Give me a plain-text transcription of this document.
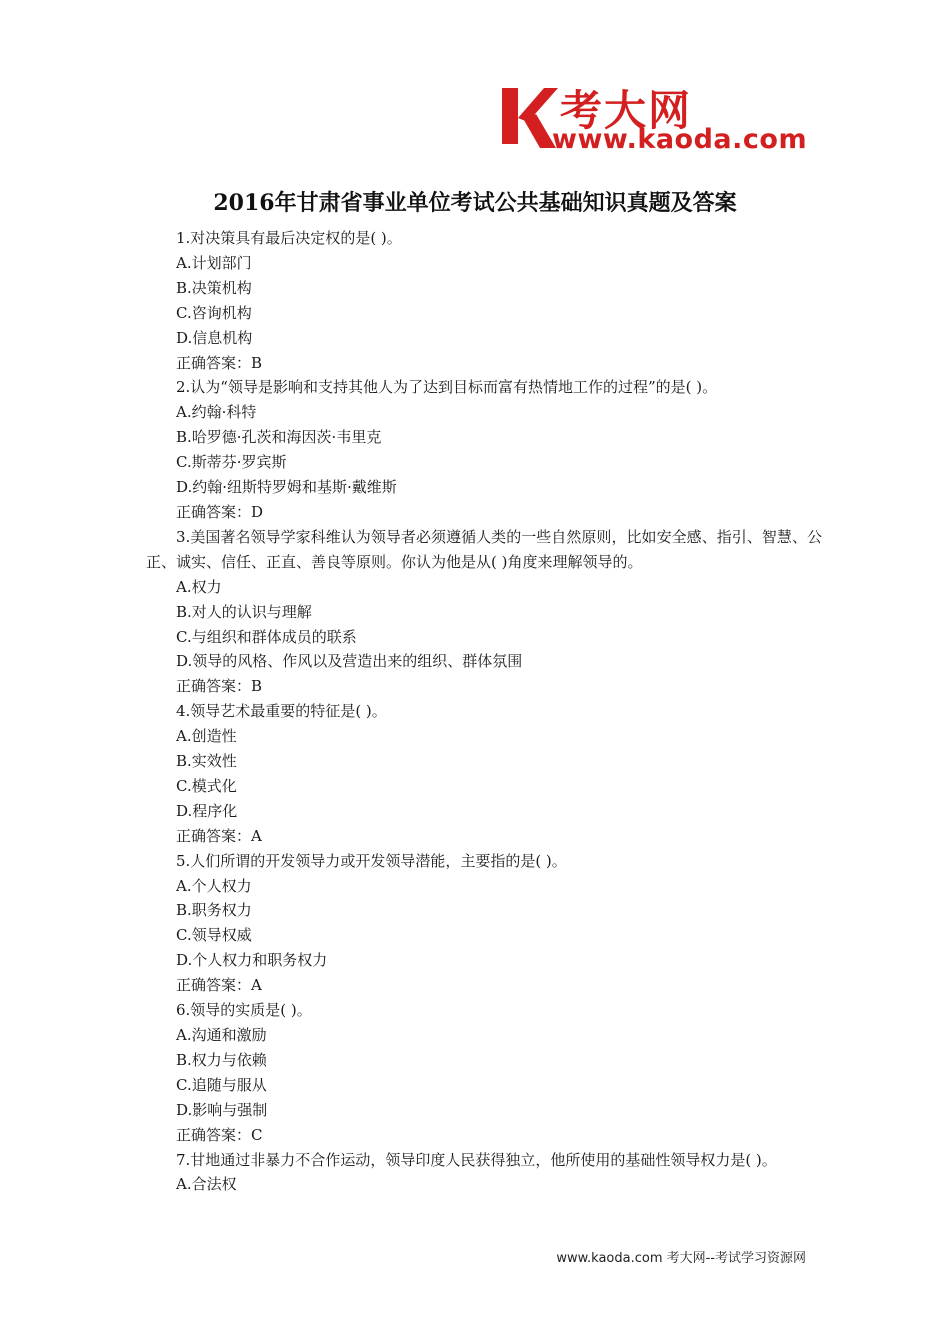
考大网
www.kaoda.com
2016年甘肃省事业单位考试公共基础知识真题及答案
1.对决策具有最后决定权的是( )。
A.计划部门
B.决策机构
C.咨询机构
D.信息机构
正确答案：B
2.认为“领导是影响和支持其他人为了达到目标而富有热情地工作的过程”的是( )。
A.约翰·科特
B.哈罗德·孔茨和海因茨·韦里克
C.斯蒂芬·罗宾斯
D.约翰·纽斯特罗姆和基斯·戴维斯
正确答案：D
3.美国著名领导学家科维认为领导者必须遵循人类的一些自然原则，比如安全感、指引、智慧、公正、诚实、信任、正直、善良等原则。你认为他是从( )角度来理解领导的。
A.权力
B.对人的认识与理解
C.与组织和群体成员的联系
D.领导的风格、作风以及营造出来的组织、群体氛围
正确答案：B
4.领导艺术最重要的特征是( )。
A.创造性
B.实效性
C.模式化
D.程序化
正确答案：A
5.人们所谓的开发领导力或开发领导潜能，主要指的是( )。
A.个人权力
B.职务权力
C.领导权威
D.个人权力和职务权力
正确答案：A
6.领导的实质是( )。
A.沟通和激励
B.权力与依赖
C.追随与服从
D.影响与强制
正确答案：C
7.甘地通过非暴力不合作运动，领导印度人民获得独立，他所使用的基础性领导权力是( )。
A.合法权
www.kaoda.com 考大网--考试学习资源网
